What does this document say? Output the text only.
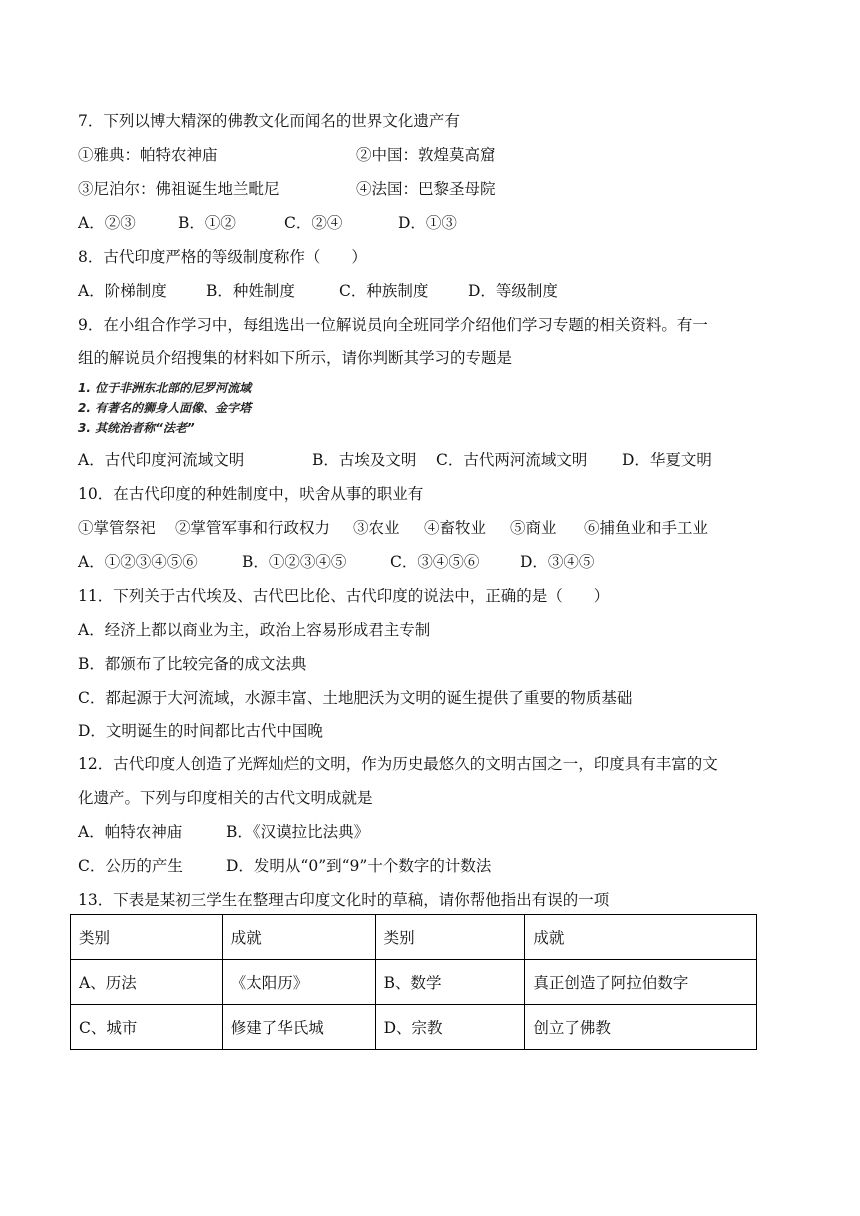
7．下列以博大精深的佛教文化而闻名的世界文化遗产有
①雅典：帕特农神庙	②中国：敦煌莫高窟
③尼泊尔：佛祖诞生地兰毗尼	④法国：巴黎圣母院
A．②③	B．①②	C．②④	D．①③
8．古代印度严格的等级制度称作（　　）
A．阶梯制度	B．种姓制度	C．种族制度	D．等级制度
9．在小组合作学习中，每组选出一位解说员向全班同学介绍他们学习专题的相关资料。有一
组的解说员介绍搜集的材料如下所示，请你判断其学习的专题是
1. 位于非洲东北部的尼罗河流域
2. 有著名的狮身人面像、金字塔
3. 其统治者称“法老”
A．古代印度河流域文明	B．古埃及文明 C．古代两河流域文明 D．华夏文明
10．在古代印度的种姓制度中，吠舍从事的职业有
①掌管祭祀 ②掌管军事和行政权力 ③农业 ④畜牧业 ⑤商业 ⑥捕鱼业和手工业
A．①②③④⑤⑥	B．①②③④⑤	C．③④⑤⑥	D．③④⑤
11．下列关于古代埃及、古代巴比伦、古代印度的说法中，正确的是（　　）
A．经济上都以商业为主，政治上容易形成君主专制
B．都颁布了比较完备的成文法典
C．都起源于大河流域，水源丰富、土地肥沃为文明的诞生提供了重要的物质基础
D．文明诞生的时间都比古代中国晚
12．古代印度人创造了光辉灿烂的文明，作为历史最悠久的文明古国之一，印度具有丰富的文
化遗产。下列与印度相关的古代文明成就是
A．帕特农神庙	B．《汉谟拉比法典》
C．公历的产生	D．发明从“0”到“9”十个数字的计数法
13．下表是某初三学生在整理古印度文化时的草稿，请你帮他指出有误的一项
类别	成就	类别	成就
A、历法	《太阳历》	B、数学	真正创造了阿拉伯数字
C、城市	修建了华氏城	D、宗教	创立了佛教
